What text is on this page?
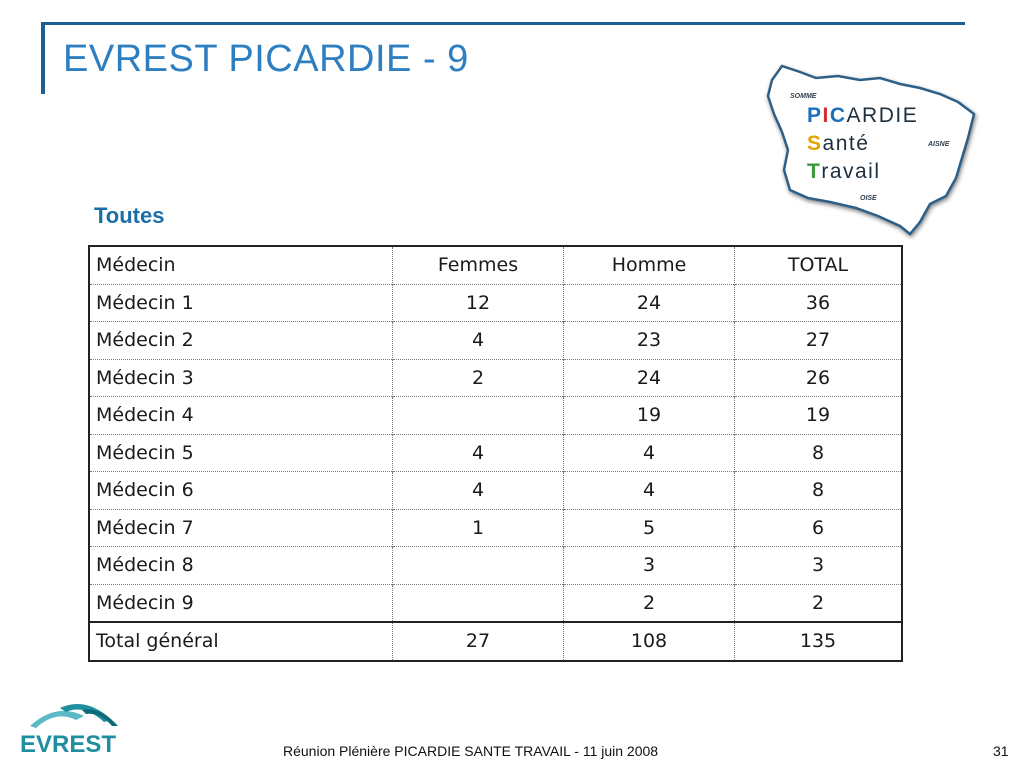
EVREST PICARDIE - 9
SOMME
AISNE
OISE
PICARDIE
Santé
Travail
Toutes
Médecin	Femmes	Homme	TOTAL
Médecin 1	12	24	36
Médecin 2	4	23	27
Médecin 3	2	24	26
Médecin 4		19	19
Médecin 5	4	4	8
Médecin 6	4	4	8
Médecin 7	1	5	6
Médecin 8		3	3
Médecin 9		2	2
Total général	27	108	135
EVREST	Réunion Plénière PICARDIE SANTE TRAVAIL - 11 juin 2008	31
